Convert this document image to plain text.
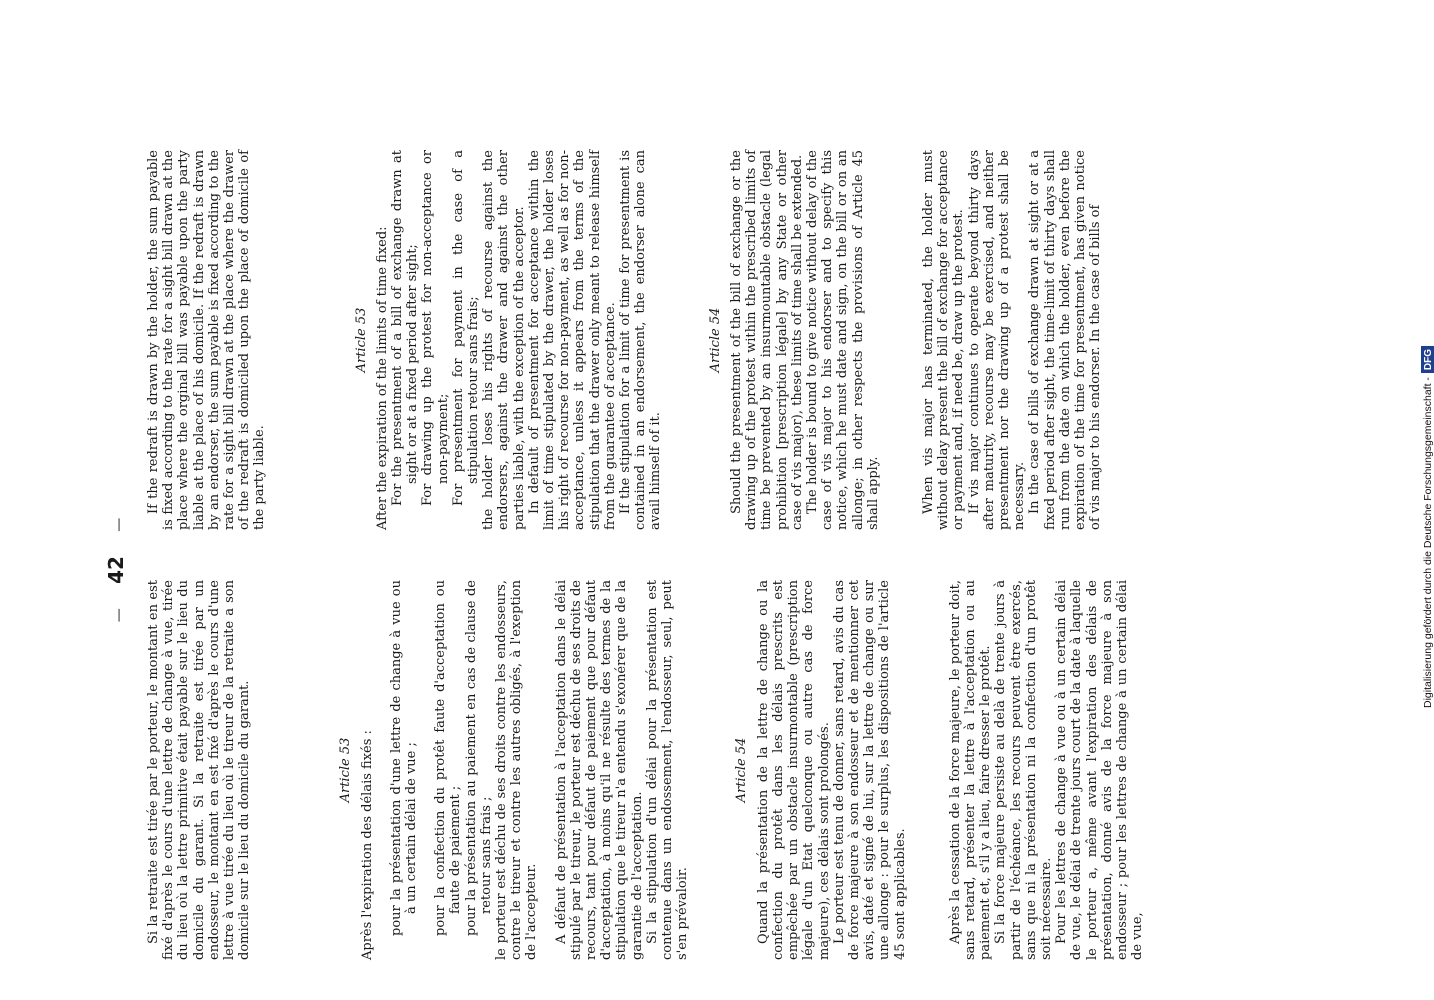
— 42 —

Si la retraite est tirée par le porteur, le montant en est fixé d'après le cours d'une lettre de change à vue, tirée du lieu où la lettre primitive était payable sur le lieu du domicile du garant. Si la retraite est tirée par un endosseur, le montant en est fixé d'après le cours d'une lettre à vue tirée du lieu où le tireur de la retraite a son domicile sur le lieu du domicile du garant.	Article 53 Après l'expiration des délais fixés : pour la présentation d'une lettre de change à vue ou à un certain délai de vue ; pour la confection du protêt faute d'acceptation ou faute de paiement ; pour la présentation au paiement en cas de clause de retour sans frais ; le porteur est déchu de ses droits contre les endosseurs, contre le tireur et contre les autres obligés, à l'exeption de l'accepteur. A défaut de présentation à l'acceptation dans le délai stipulé par le tireur, le porteur est déchu de ses droits de recours, tant pour défaut de paiement que pour défaut d'acceptation, à moins qu'il ne résulte des termes de la stipulation que le tireur n'a entendu s'exonérer que de la garantie de l'acceptation. Si la stipulation d'un délai pour la présentation est contenue dans un endossement, l'endosseur, seul, peut s'en prévaloir.

Article 54 Quand la présentation de la lettre de change ou la confection du protêt dans les délais prescrits est empêchée par un obstacle insurmontable (prescription légale d'un Etat quelconque ou autre cas de force majeure), ces délais sont prolongés. Le porteur est tenu de donner, sans retard, avis du cas de force majeure à son endosseur et de mentionner cet avis, daté et signé de lui, sur la lettre de change ou sur une allonge : pour le surplus, les dispositions de l'article 45 sont applicables.	Après la cessation de la force majeure, le porteur doit, sans retard, présenter la lettre à l'acceptation ou au paiement et, s'il y a lieu, faire dresser le protêt. Si la force majeure persiste au delà de trente jours à partir de l'échéance, les recours peuvent être exercés, sans que ni la présentation ni la confection d'un protêt soit nécessaire. Pour les lettres de change à vue ou à un certain délai de vue, le délai de trente jours court de la date à laquelle le porteur a, même avant l'expiration des délais de présentation, donné avis de la force majeure à son endosseur ; pour les lettres de change à un certain délai de vue,

If the redraft is drawn by the holder, the sum payable is fixed according to the rate for a sight bill drawn at the place where the orginal bill was payable upon the party liable at the place of his domicile. If the redraft is drawn by an endorser, the sum payable is fixed according to the rate for a sight bill drawn at the place where the drawer of the redraft is domiciled upon the place of domicile of the party liable.

Article 53 After the expiration of the limits of time fixed: For the presentment of a bill of exchange drawn at sight or at a fixed period after sight; For drawing up the protest for non-acceptance or non-payment; For presentment for payment in the case of a stipulation retour sans frais; the holder loses his rights of recourse against the endorsers, against the drawer and against the other parties liable, with the exception of the acceptor. In default of presentment for acceptance within the limit of time stipulated by the drawer, the holder loses his right of recourse for non-payment, as well as for non-acceptance, unless it appears from the terms of the stipulation that the drawer only meant to release himself from the guarantee of acceptance. If the stipulation for a limit of time for presentment is contained in an endorsement, the endorser alone can avail himself of it.

Article 54 Should the presentment of the bill of exchange or the drawing up of the protest within the prescribed limits of time be prevented by an insurmountable obstacle (legal prohibition [prescription légale] by any State or other case of vis major), these limits of time shall be extended. The holder is bound to give notice without delay of the case of vis major to his endorser and to specify this notice, which he must date and sign, on the bill or on an allonge; in other respects the provisions of Article 45 shall apply.	When vis major has terminated, the holder must without delay present the bill of exchange for acceptance or payment and, if need be, draw up the protest. If vis major continues to operate beyond thirty days after maturity, recourse may be exercised, and neither presentment nor the drawing up of a protest shall be necessary. In the case of bills of exchange drawn at sight or at a fixed period after sight, the time-limit of thirty days shall run from the date on which the holder, even before the expiration of the time for presentment, has given notice of vis major to his endorser. In the case of bills of

Digitalisierung gefördert durch die Deutsche Forschungsgemeinschaft -DFG
